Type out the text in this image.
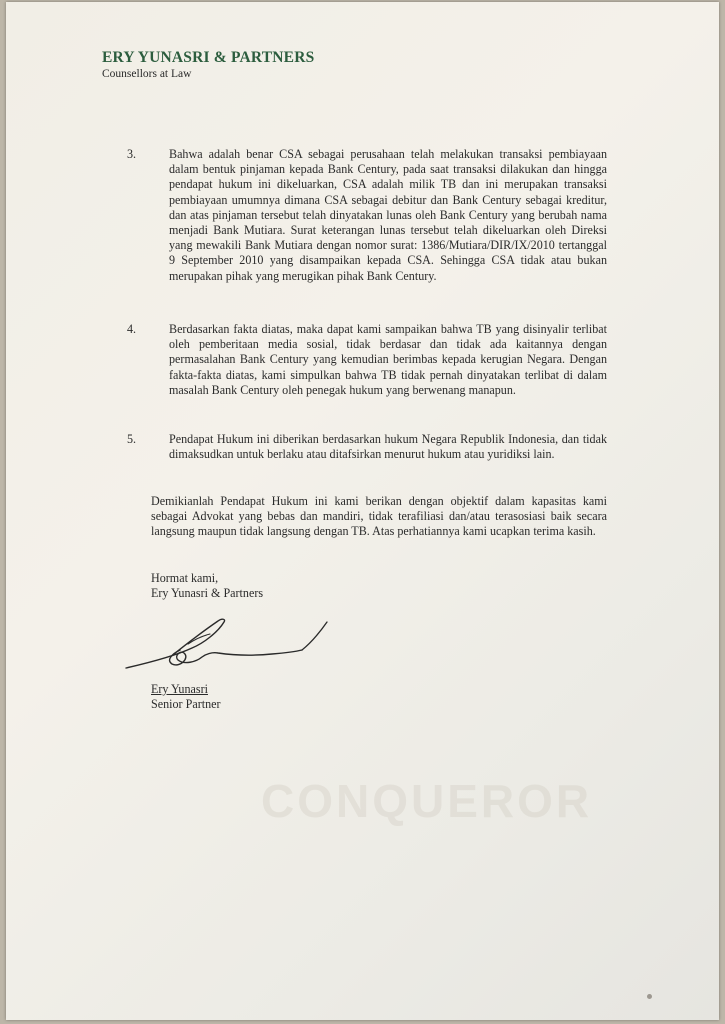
ERY YUNASRI & PARTNERS
Counsellors at Law
3.	Bahwa adalah benar CSA sebagai perusahaan telah melakukan transaksi pembiayaan dalam bentuk pinjaman kepada Bank Century, pada saat transaksi dilakukan dan hingga pendapat hukum ini dikeluarkan, CSA adalah milik TB dan ini merupakan transaksi pembiayaan umumnya dimana CSA sebagai debitur dan Bank Century sebagai kreditur, dan atas pinjaman tersebut telah dinyatakan lunas oleh Bank Century yang berubah nama menjadi Bank Mutiara. Surat keterangan lunas tersebut telah dikeluarkan oleh Direksi yang mewakili Bank Mutiara dengan nomor surat: 1386/Mutiara/DIR/IX/2010 tertanggal 9 September 2010 yang disampaikan kepada CSA. Sehingga CSA tidak atau bukan merupakan pihak yang merugikan pihak Bank Century.
4.	Berdasarkan fakta diatas, maka dapat kami sampaikan bahwa TB yang disinyalir terlibat oleh pemberitaan media sosial, tidak berdasar dan tidak ada kaitannya dengan permasalahan Bank Century yang kemudian berimbas kepada kerugian Negara. Dengan fakta-fakta diatas, kami simpulkan bahwa TB tidak pernah dinyatakan terlibat di dalam masalah Bank Century oleh penegak hukum yang berwenang manapun.
5.	Pendapat Hukum ini diberikan berdasarkan hukum Negara Republik Indonesia, dan tidak dimaksudkan untuk berlaku atau ditafsirkan menurut hukum atau yuridiksi lain.
Demikianlah Pendapat Hukum ini kami berikan dengan objektif dalam kapasitas kami sebagai Advokat yang bebas dan mandiri, tidak terafiliasi dan/atau terasosiasi baik secara langsung maupun tidak langsung dengan TB. Atas perhatiannya kami ucapkan terima kasih.
Hormat kami,
Ery Yunasri & Partners
Ery Yunasri
Senior Partner
CONQUEROR
